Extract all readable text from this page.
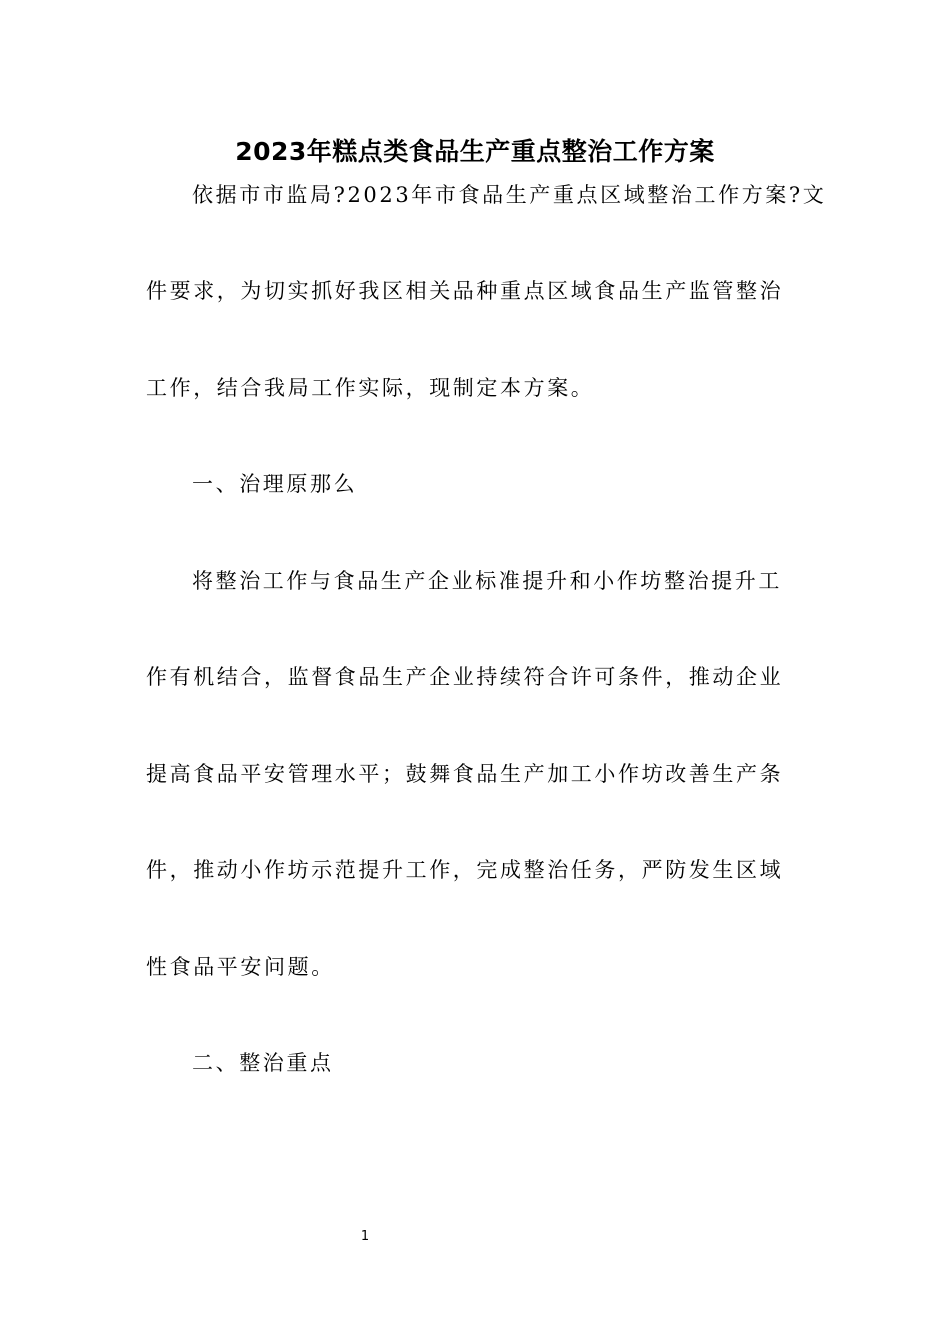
2023年糕点类食品生产重点整治工作方案
依据市市监局?2023年市食品生产重点区域整治工作方案?文
件要求，为切实抓好我区相关品种重点区域食品生产监管整治
工作，结合我局工作实际，现制定本方案。
一、治理原那么
将整治工作与食品生产企业标准提升和小作坊整治提升工
作有机结合，监督食品生产企业持续符合许可条件，推动企业
提高食品平安管理水平；鼓舞食品生产加工小作坊改善生产条
件，推动小作坊示范提升工作，完成整治任务，严防发生区域
性食品平安问题。
二、整治重点
1
